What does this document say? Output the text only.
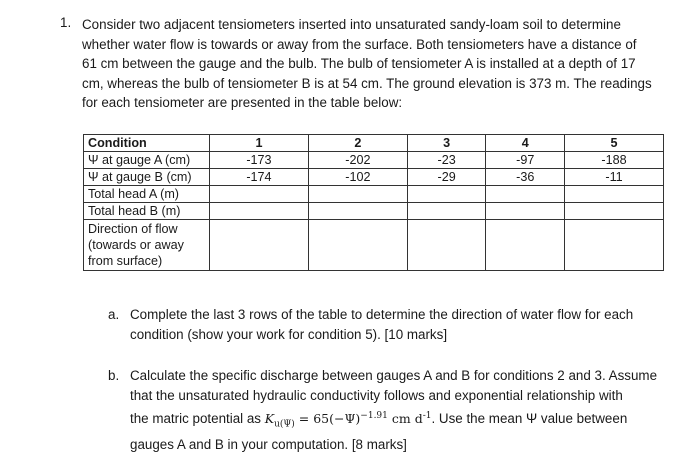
1. Consider two adjacent tensiometers inserted into unsaturated sandy-loam soil to determine

whether water flow is towards or away from the surface. Both tensiometers have a distance of

61 cm between the gauge and the bulb. The bulb of tensiometer A is installed at a depth of 17

cm, whereas the bulb of tensiometer B is at 54 cm. The ground elevation is 373 m. The readings

for each tensiometer are presented in the table below:

Condition	1	2	3	4	5
Ψ at gauge A (cm)	-173	-202	-23	-97	-188
Ψ at gauge B (cm)	-174	-102	-29	-36	-11
Total head A (m)					
Total head B (m)					

Direction of flow
(towards or away
from surface)					

a. Complete the last 3 rows of the table to determine the direction of water flow for each

condition (show your work for condition 5). [10 marks]

b. Calculate the specific discharge between gauges A and B for conditions 2 and 3. Assume

that the unsaturated hydraulic conductivity follows and exponential relationship with

the matric potential as $K_{u(\Psi)} = 65(-\Psi)^{-1.91}$ cm $d^{-1}$. Use the mean Ψ value between

gauges A and B in your computation. [8 marks]
